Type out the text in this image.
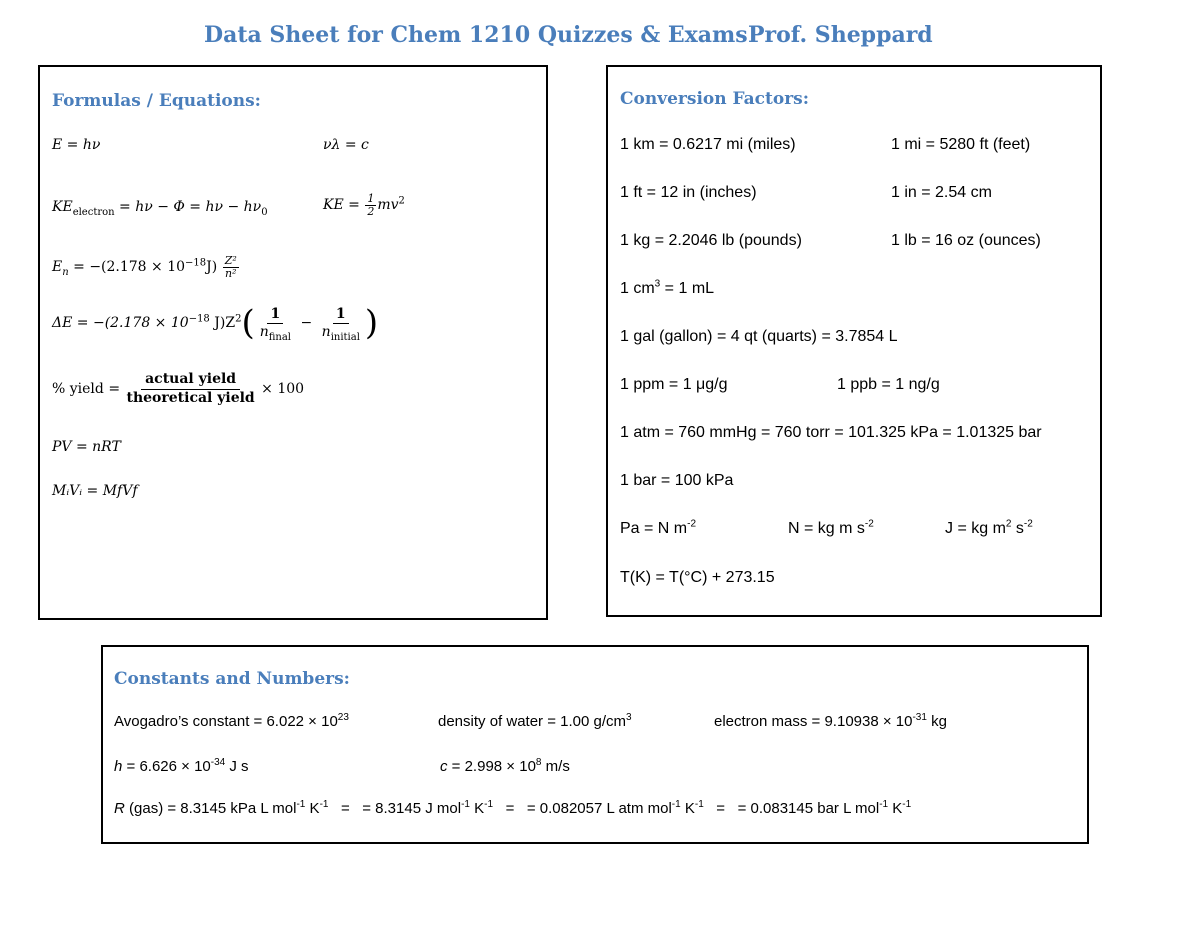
Data Sheet for Chem 1210 Quizzes & Exams Prof. Sheppard
Formulas / Equations:
E = hν	νλ = c
$KE_{electron} = h\nu - \Phi = h\nu - h\nu_0$	KE = $\frac{1}{2} mv^2$
$E_n = -(2.178 \times 10^{-18}J) \frac{\text{Z²}}{\text{n²}}$
$\Delta E = -(2.178 \times 10^{-18}$ $J)Z^2( \frac{1}{n_{final}} - \frac{1}{n_{initial}}$ )
% yield = $\frac{\text{actual yield}}{\text{theoretical yield}} \times 100$
PV = nRT
MᵢVᵢ = M𝑓V𝑓
Conversion Factors:
1 km = 0.6217 mi (miles)	1 mi = 5280 ft (feet)
1 ft = 12 in (inches)	1 in = 2.54 cm
1 kg = 2.2046 lb (pounds)	1 lb = 16 oz (ounces)
1 $cm^3 = 1$ mL
1 gal (gallon) = 4 qt (quarts) = 3.7854 L
1 ppm = 1 μg/g	1 ppb = 1 ng/g
1 atm = 760 mmHg = 760 torr = 101.325 kPa = 1.01325 bar
1 bar = 100 kPa
Pa = N $m^{-2}$	N = kg m $s^{-2}$	J = kg $m^2$ $s^{-2}$
T(K) = T(°C) + 273.15
Constants and Numbers:
Avogadro’s constant = $6.022 \times 10^{23}$	density of water = 1.00 $g/cm^3$	electron mass = $9.10938 \times 10^{-31}$ kg
$h = 6.626 \times 10^{-34}$ J s	$c = 2.998 \times 10^8$ m/s
R (gas) = 8.3145 kPa L mol$^{-1}$ $K^{-1}$   =   = 8.3145 J mol$^{-1}$ $K^{-1}$   =   = 0.082057 L atm mol$^{-1}$ $K^{-1}$   =   = 0.083145 bar L mol$^{-1}$ $K^{-1}$
